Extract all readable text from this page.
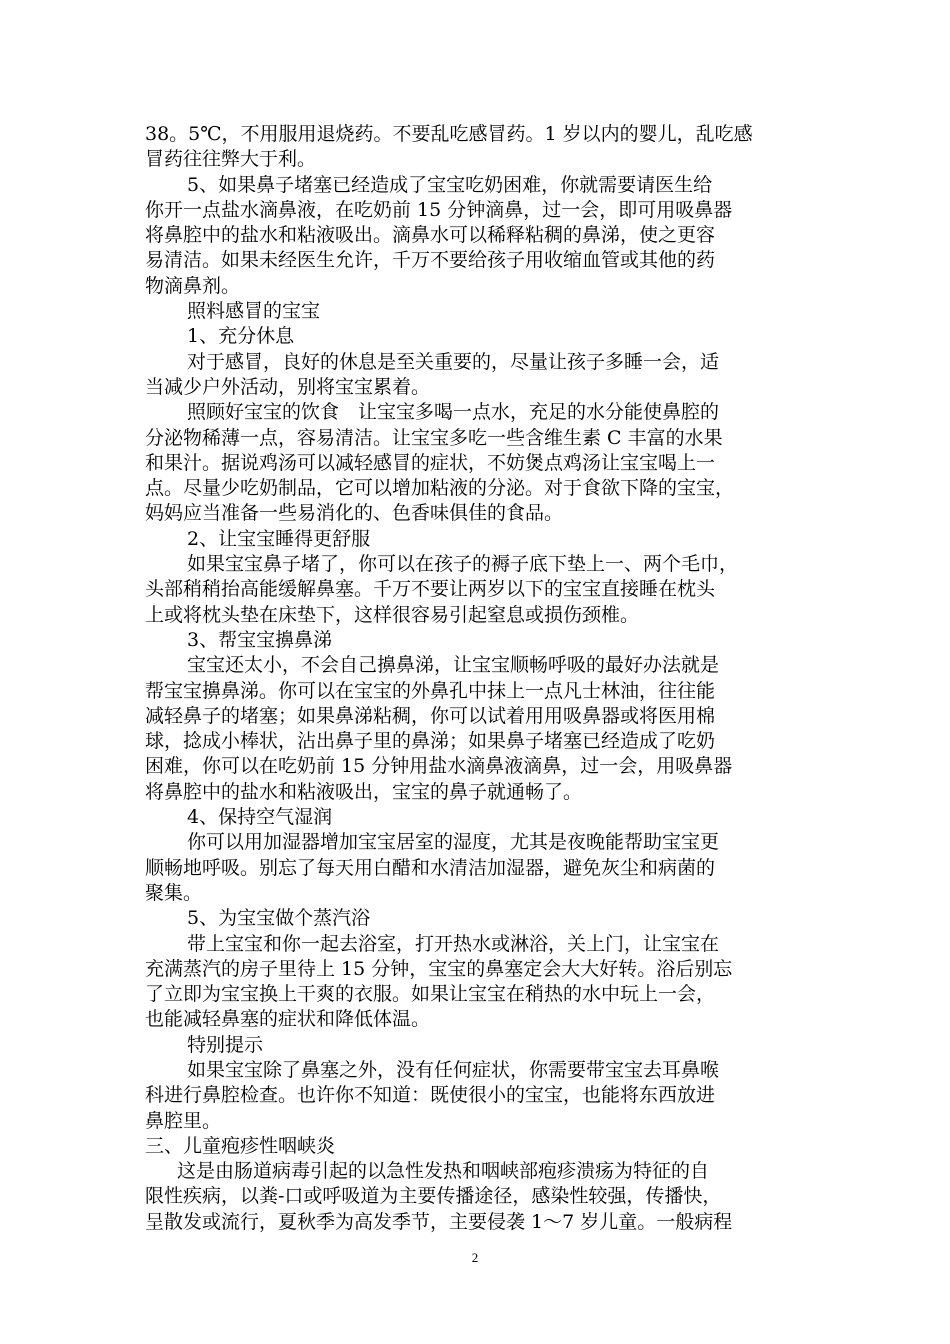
38。5℃，不用服用退烧药。不要乱吃感冒药。1 岁以内的婴儿，乱吃感
冒药往往弊大于利。
5、如果鼻子堵塞已经造成了宝宝吃奶困难，你就需要请医生给
你开一点盐水滴鼻液，在吃奶前 15 分钟滴鼻，过一会，即可用吸鼻器
将鼻腔中的盐水和粘液吸出。滴鼻水可以稀释粘稠的鼻涕，使之更容
易清洁。如果未经医生允许，千万不要给孩子用收缩血管或其他的药
物滴鼻剂。
照料感冒的宝宝
1、充分休息
对于感冒，良好的休息是至关重要的，尽量让孩子多睡一会，适
当减少户外活动，别将宝宝累着。
照顾好宝宝的饮食　让宝宝多喝一点水，充足的水分能使鼻腔的
分泌物稀薄一点，容易清洁。让宝宝多吃一些含维生素 C 丰富的水果
和果汁。据说鸡汤可以减轻感冒的症状，不妨煲点鸡汤让宝宝喝上一
点。尽量少吃奶制品，它可以增加粘液的分泌。对于食欲下降的宝宝，
妈妈应当准备一些易消化的、色香味俱佳的食品。
2、让宝宝睡得更舒服
如果宝宝鼻子堵了，你可以在孩子的褥子底下垫上一、两个毛巾，
头部稍稍抬高能缓解鼻塞。千万不要让两岁以下的宝宝直接睡在枕头
上或将枕头垫在床垫下，这样很容易引起窒息或损伤颈椎。
3、帮宝宝擤鼻涕
宝宝还太小，不会自己擤鼻涕，让宝宝顺畅呼吸的最好办法就是
帮宝宝擤鼻涕。你可以在宝宝的外鼻孔中抹上一点凡士林油，往往能
减轻鼻子的堵塞；如果鼻涕粘稠，你可以试着用用吸鼻器或将医用棉
球，捻成小棒状，沾出鼻子里的鼻涕；如果鼻子堵塞已经造成了吃奶
困难，你可以在吃奶前 15 分钟用盐水滴鼻液滴鼻，过一会，用吸鼻器
将鼻腔中的盐水和粘液吸出，宝宝的鼻子就通畅了。
4、保持空气湿润
你可以用加湿器增加宝宝居室的湿度，尤其是夜晚能帮助宝宝更
顺畅地呼吸。别忘了每天用白醋和水清洁加湿器，避免灰尘和病菌的
聚集。
5、为宝宝做个蒸汽浴
带上宝宝和你一起去浴室，打开热水或淋浴，关上门，让宝宝在
充满蒸汽的房子里待上 15 分钟，宝宝的鼻塞定会大大好转。浴后别忘
了立即为宝宝换上干爽的衣服。如果让宝宝在稍热的水中玩上一会，
也能减轻鼻塞的症状和降低体温。
特别提示
如果宝宝除了鼻塞之外，没有任何症状，你需要带宝宝去耳鼻喉
科进行鼻腔检查。也许你不知道：既使很小的宝宝，也能将东西放进
鼻腔里。
三、儿童疱疹性咽峡炎
这是由肠道病毒引起的以急性发热和咽峡部疱疹溃疡为特征的自
限性疾病，以粪-口或呼吸道为主要传播途径，感染性较强，传播快，
呈散发或流行，夏秋季为高发季节，主要侵袭 1～7 岁儿童。一般病程
2
